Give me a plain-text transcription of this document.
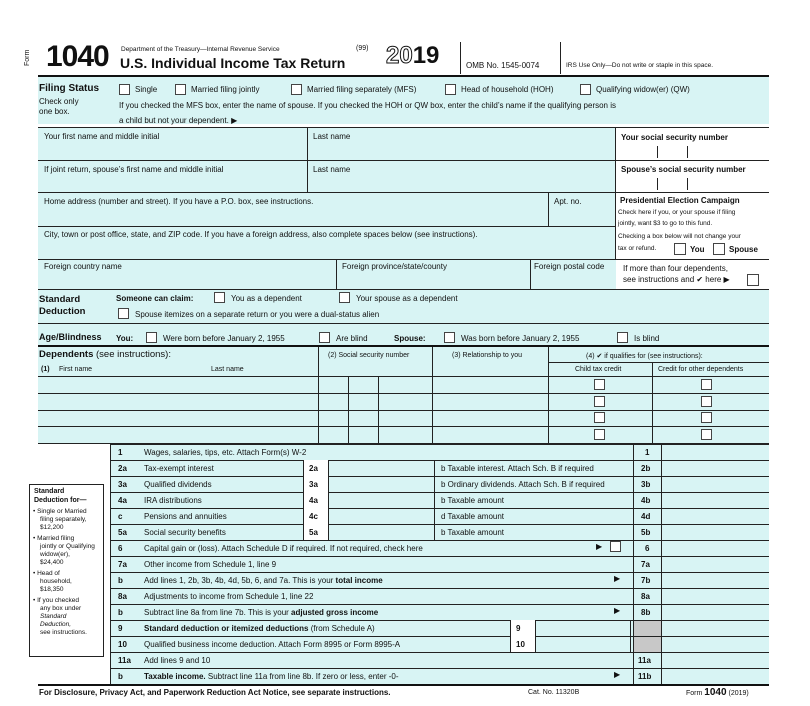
Form 1040 Department of the Treasury—Internal Revenue Service	(99)
U.S. Individual Income Tax Return 2019	OMB No. 1545-0074	IRS Use Only—Do not write or staple in this space.
Filing Status
Check only
one box.
Single	Married filing jointly	Married filing separately (MFS)	Head of household (HOH)	Qualifying widow(er) (QW)
If you checked the MFS box, enter the name of spouse. If you checked the HOH or QW box, enter the child’s name if the qualifying person is
a child but not your dependent. ▶
Your first name and middle initial	Last name	Your social security number
If joint return, spouse’s first name and middle initial	Last name	Spouse’s social security number
Home address (number and street). If you have a P.O. box, see instructions.	Apt. no.
City, town or post office, state, and ZIP code. If you have a foreign address, also complete spaces below (see instructions).
Foreign country name	Foreign province/state/county	Foreign postal code
Presidential Election Campaign
Check here if you, or your spouse if filing
jointly, want $3 to go to this fund.
Checking a box below will not change your
tax or refund.	You	Spouse
If more than four dependents,
see instructions and ✔ here ▶
Standard
Deduction
Someone can claim:	You as a dependent	Your spouse as a dependent
Spouse itemizes on a separate return or you were a dual-status alien
Age/Blindness You:	Were born before January 2, 1955	Are blind	Spouse:	Was born before January 2, 1955	Is blind
Dependents (see instructions):
(1) First name	Last name
(2) Social security number	(3) Relationship to you	(4) ✔ if qualifies for (see instructions):
Child tax credit	Credit for other dependents
1	Wages, salaries, tips, etc. Attach Form(s) W-2	1
2a Tax-exempt interest	2a	b Taxable interest. Attach Sch. B if required	2b
3a Qualified dividends	3a	b Ordinary dividends. Attach Sch. B if required	3b
4a IRA distributions	4a	b Taxable amount	4b
c	Pensions and annuities	4c	d Taxable amount	4d
5a Social security benefits	5a	b Taxable amount	5b
6	Capital gain or (loss). Attach Schedule D if required. If not required, check here	6
7a Other income from Schedule 1, line 9	7a
b	Add lines 1, 2b, 3b, 4b, 4d, 5b, 6, and 7a. This is your total income	7b
8a Adjustments to income from Schedule 1, line 22	8a
b	Subtract line 8a from line 7b. This is your adjusted gross income	8b
9	Standard deduction or itemized deductions (from Schedule A)	9
10 Qualified business income deduction. Attach Form 8995 or Form 8995-A	10
11a Add lines 9 and 10	11a
b	Taxable income. Subtract line 11a from line 8b. If zero or less, enter -0-	11b
▶
▶
▶
▶
Standard
Deduction for—
• Single or Married
filing separately,
$12,200
• Married filing
jointly or Qualifying
widow(er),
$24,400
• Head of
household,
$18,350
• If you checked
any box under
Standard
Deduction,
see instructions.
For Disclosure, Privacy Act, and Paperwork Reduction Act Notice, see separate instructions.	Cat. No. 11320B	Form 1040 (2019)
